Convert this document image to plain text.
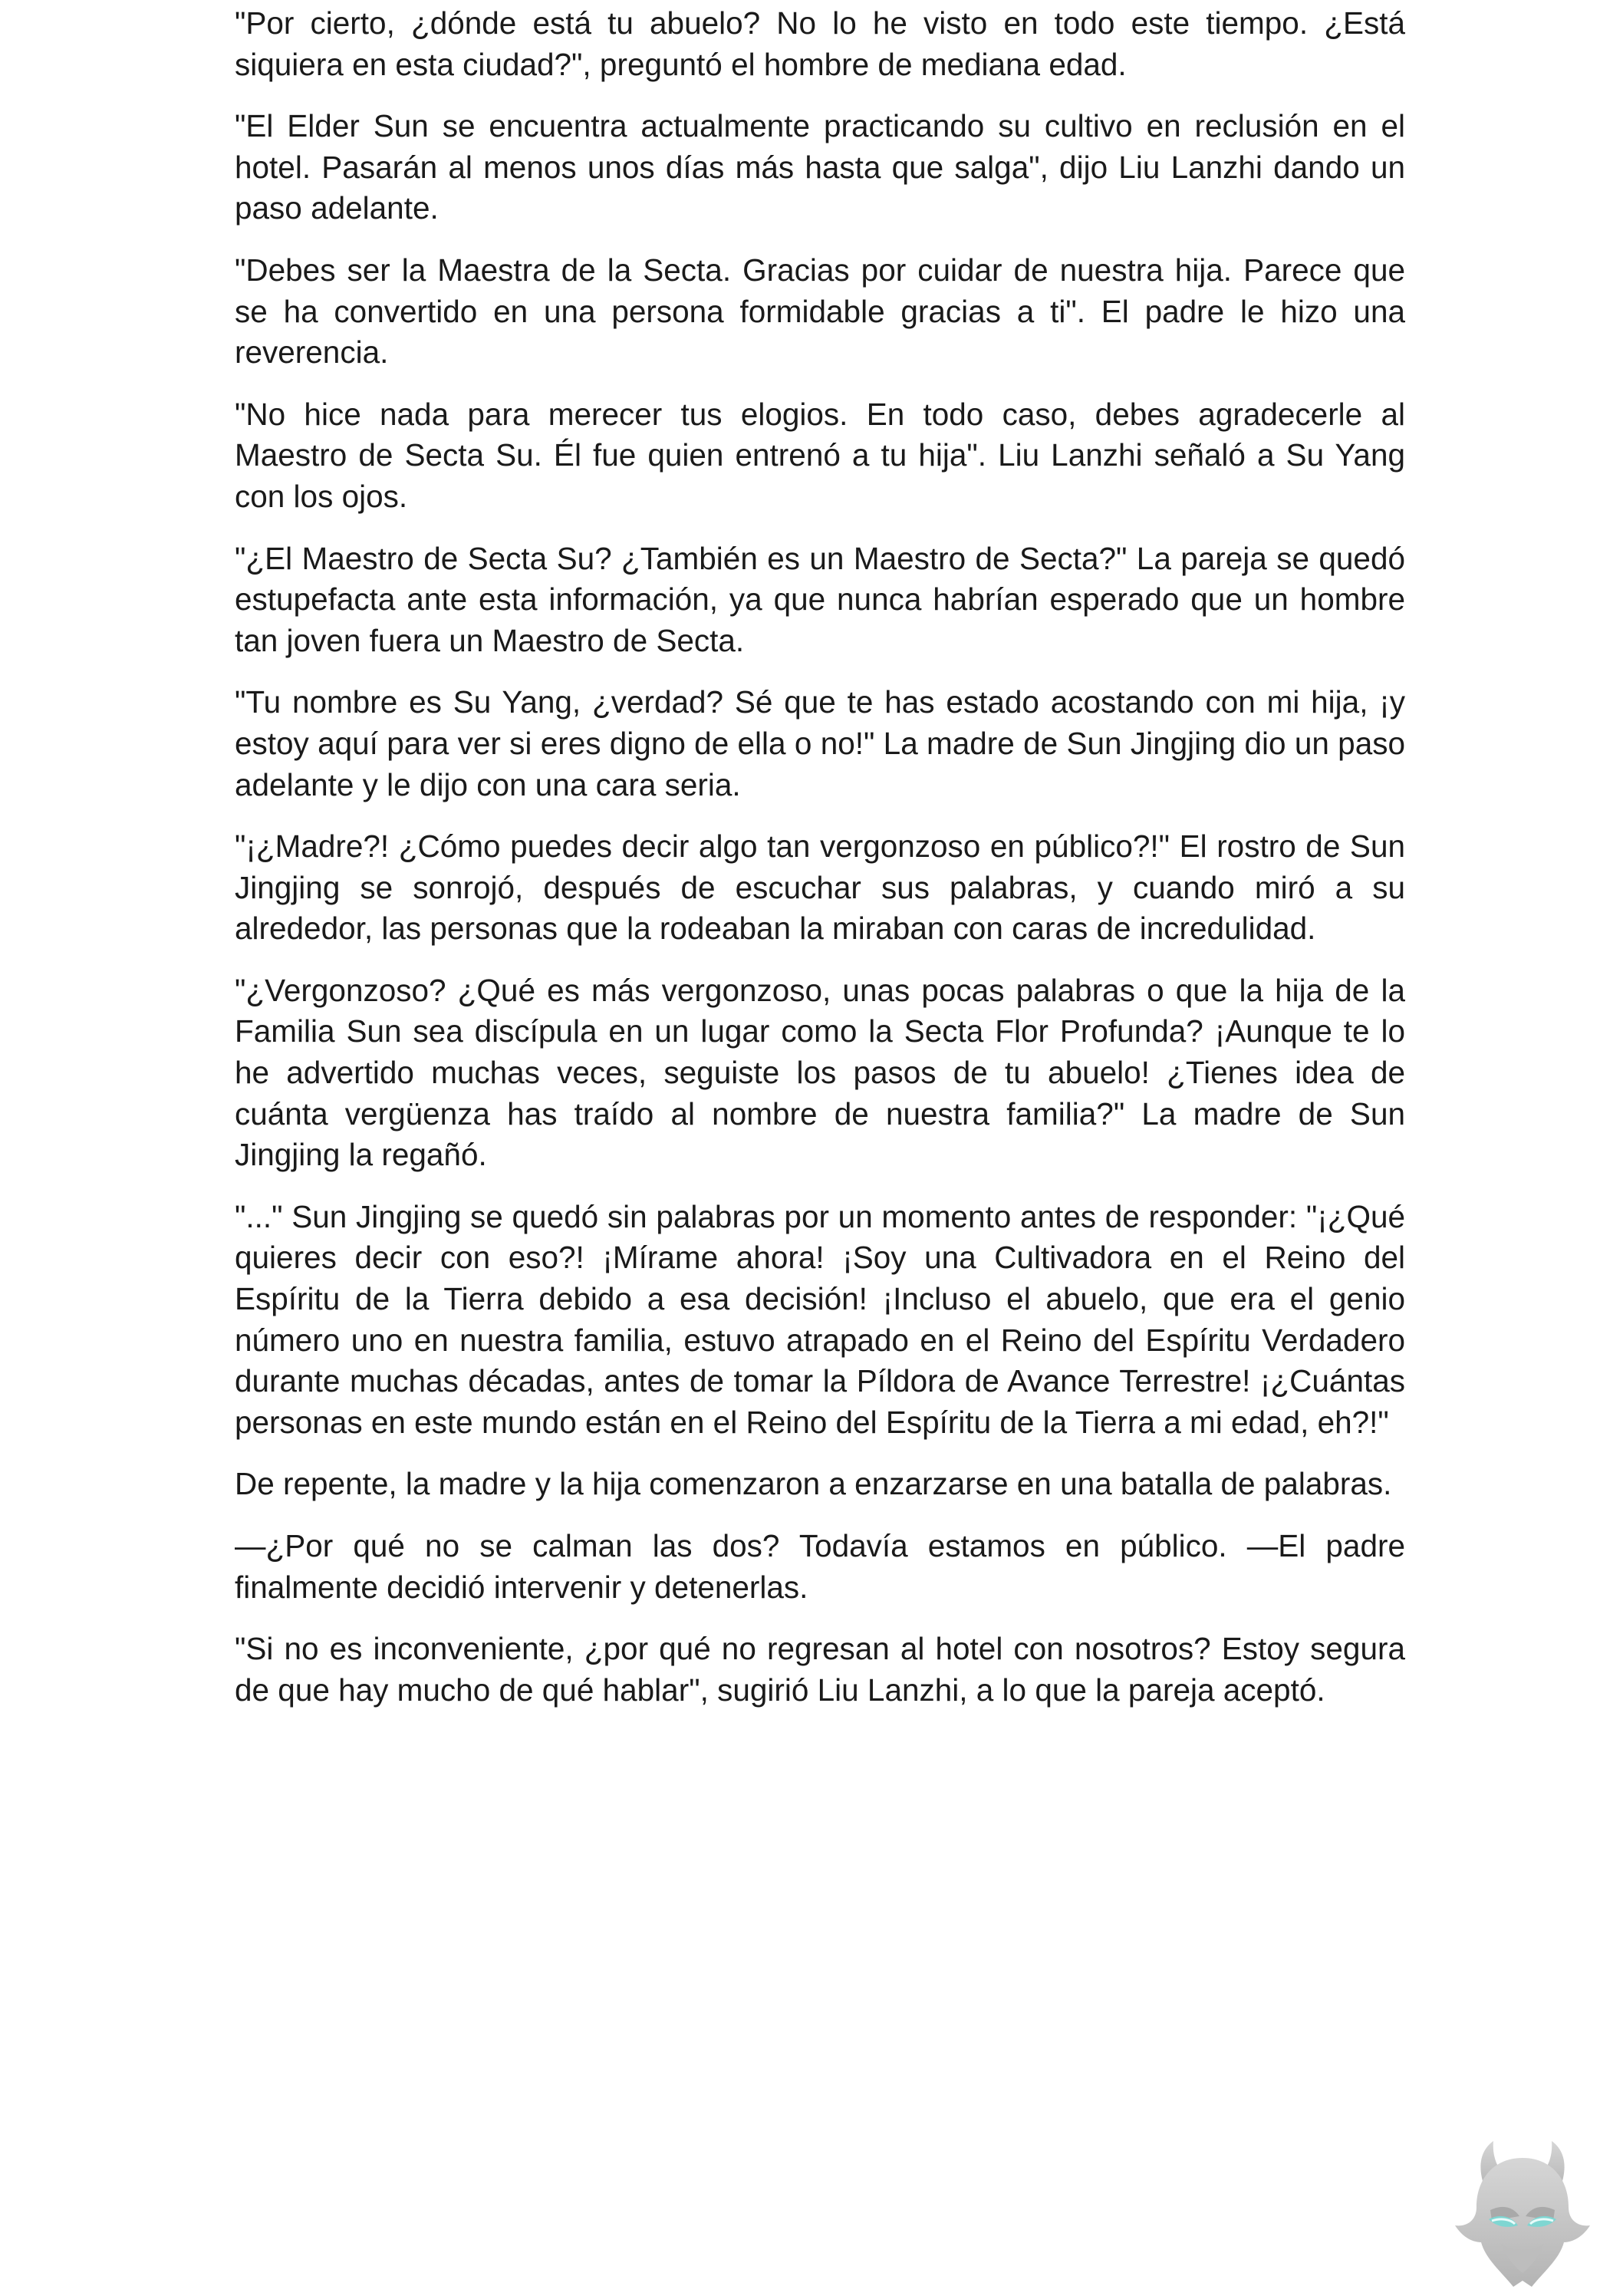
"Por cierto, ¿dónde está tu abuelo? No lo he visto en todo este tiempo. ¿Está siquiera en esta ciudad?", preguntó el hombre de mediana edad.

"El Elder Sun se encuentra actualmente practicando su cultivo en reclusión en el hotel. Pasarán al menos unos días más hasta que salga", dijo Liu Lanzhi dando un paso adelante.

"Debes ser la Maestra de la Secta. Gracias por cuidar de nuestra hija. Parece que se ha convertido en una persona formidable gracias a ti". El padre le hizo una reverencia.

"No hice nada para merecer tus elogios. En todo caso, debes agradecerle al Maestro de Secta Su. Él fue quien entrenó a tu hija". Liu Lanzhi señaló a Su Yang con los ojos.

"¿El Maestro de Secta Su? ¿También es un Maestro de Secta?" La pareja se quedó estupefacta ante esta información, ya que nunca habrían esperado que un hombre tan joven fuera un Maestro de Secta.

"Tu nombre es Su Yang, ¿verdad? Sé que te has estado acostando con mi hija, ¡y estoy aquí para ver si eres digno de ella o no!" La madre de Sun Jingjing dio un paso adelante y le dijo con una cara seria.

"¡¿Madre?! ¿Cómo puedes decir algo tan vergonzoso en público?!" El rostro de Sun Jingjing se sonrojó, después de escuchar sus palabras, y cuando miró a su alrededor, las personas que la rodeaban la miraban con caras de incredulidad.

"¿Vergonzoso? ¿Qué es más vergonzoso, unas pocas palabras o que la hija de la Familia Sun sea discípula en un lugar como la Secta Flor Profunda? ¡Aunque te lo he advertido muchas veces, seguiste los pasos de tu abuelo! ¿Tienes idea de cuánta vergüenza has traído al nombre de nuestra familia?" La madre de Sun Jingjing la regañó.

"..." Sun Jingjing se quedó sin palabras por un momento antes de responder: "¡¿Qué quieres decir con eso?! ¡Mírame ahora! ¡Soy una Cultivadora en el Reino del Espíritu de la Tierra debido a esa decisión! ¡Incluso el abuelo, que era el genio número uno en nuestra familia, estuvo atrapado en el Reino del Espíritu Verdadero durante muchas décadas, antes de tomar la Píldora de Avance Terrestre! ¡¿Cuántas personas en este mundo están en el Reino del Espíritu de la Tierra a mi edad, eh?!"

De repente, la madre y la hija comenzaron a enzarzarse en una batalla de palabras.

—¿Por qué no se calman las dos? Todavía estamos en público. —El padre finalmente decidió intervenir y detenerlas.

"Si no es inconveniente, ¿por qué no regresan al hotel con nosotros? Estoy segura de que hay mucho de qué hablar", sugirió Liu Lanzhi, a lo que la pareja aceptó.
